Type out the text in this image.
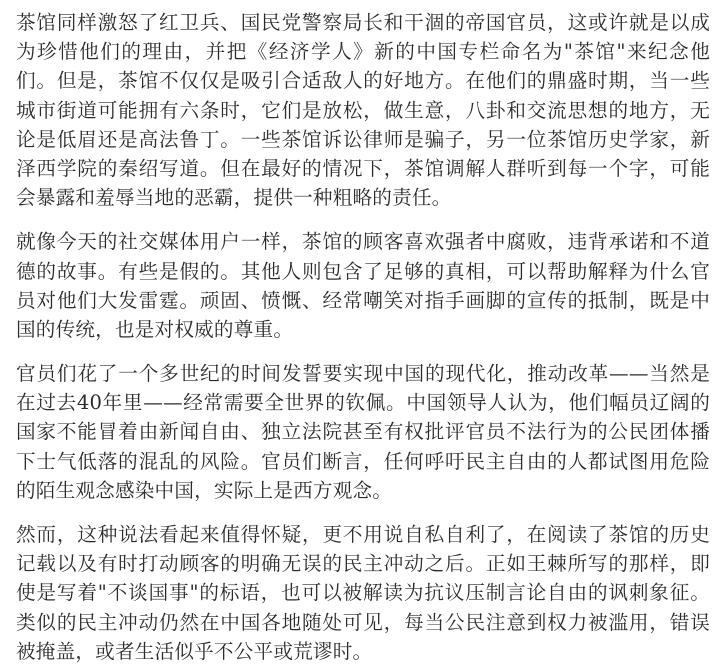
茶馆同样激怒了红卫兵、国民党警察局长和干涸的帝国官员，这或许就是以成
为珍惜他们的理由，并把《经济学人》新的中国专栏命名为"茶馆"来纪念他
们。但是，茶馆不仅仅是吸引合适敌人的好地方。在他们的鼎盛时期，当一些
城市街道可能拥有六条时，它们是放松，做生意，八卦和交流思想的地方，无
论是低眉还是高法鲁丁。一些茶馆诉讼律师是骗子，另一位茶馆历史学家，新
泽西学院的秦绍写道。但在最好的情况下，茶馆调解人群听到每一个字，可能
会暴露和羞辱当地的恶霸，提供一种粗略的责任。
就像今天的社交媒体用户一样，茶馆的顾客喜欢强者中腐败，违背承诺和不道
德的故事。有些是假的。其他人则包含了足够的真相，可以帮助解释为什么官
员对他们大发雷霆。顽固、愤慨、经常嘲笑对指手画脚的宣传的抵制，既是中
国的传统，也是对权威的尊重。
官员们花了一个多世纪的时间发誓要实现中国的现代化，推动改革——当然是
在过去40年里——经常需要全世界的钦佩。中国领导人认为，他们幅员辽阔的
国家不能冒着由新闻自由、独立法院甚至有权批评官员不法行为的公民团体播
下士气低落的混乱的风险。官员们断言，任何呼吁民主自由的人都试图用危险
的陌生观念感染中国，实际上是西方观念。
然而，这种说法看起来值得怀疑，更不用说自私自利了，在阅读了茶馆的历史
记载以及有时打动顾客的明确无误的民主冲动之后。正如王棘所写的那样，即
使是写着"不谈国事"的标语，也可以被解读为抗议压制言论自由的讽刺象征。
类似的民主冲动仍然在中国各地随处可见，每当公民注意到权力被滥用，错误
被掩盖，或者生活似乎不公平或荒谬时。
